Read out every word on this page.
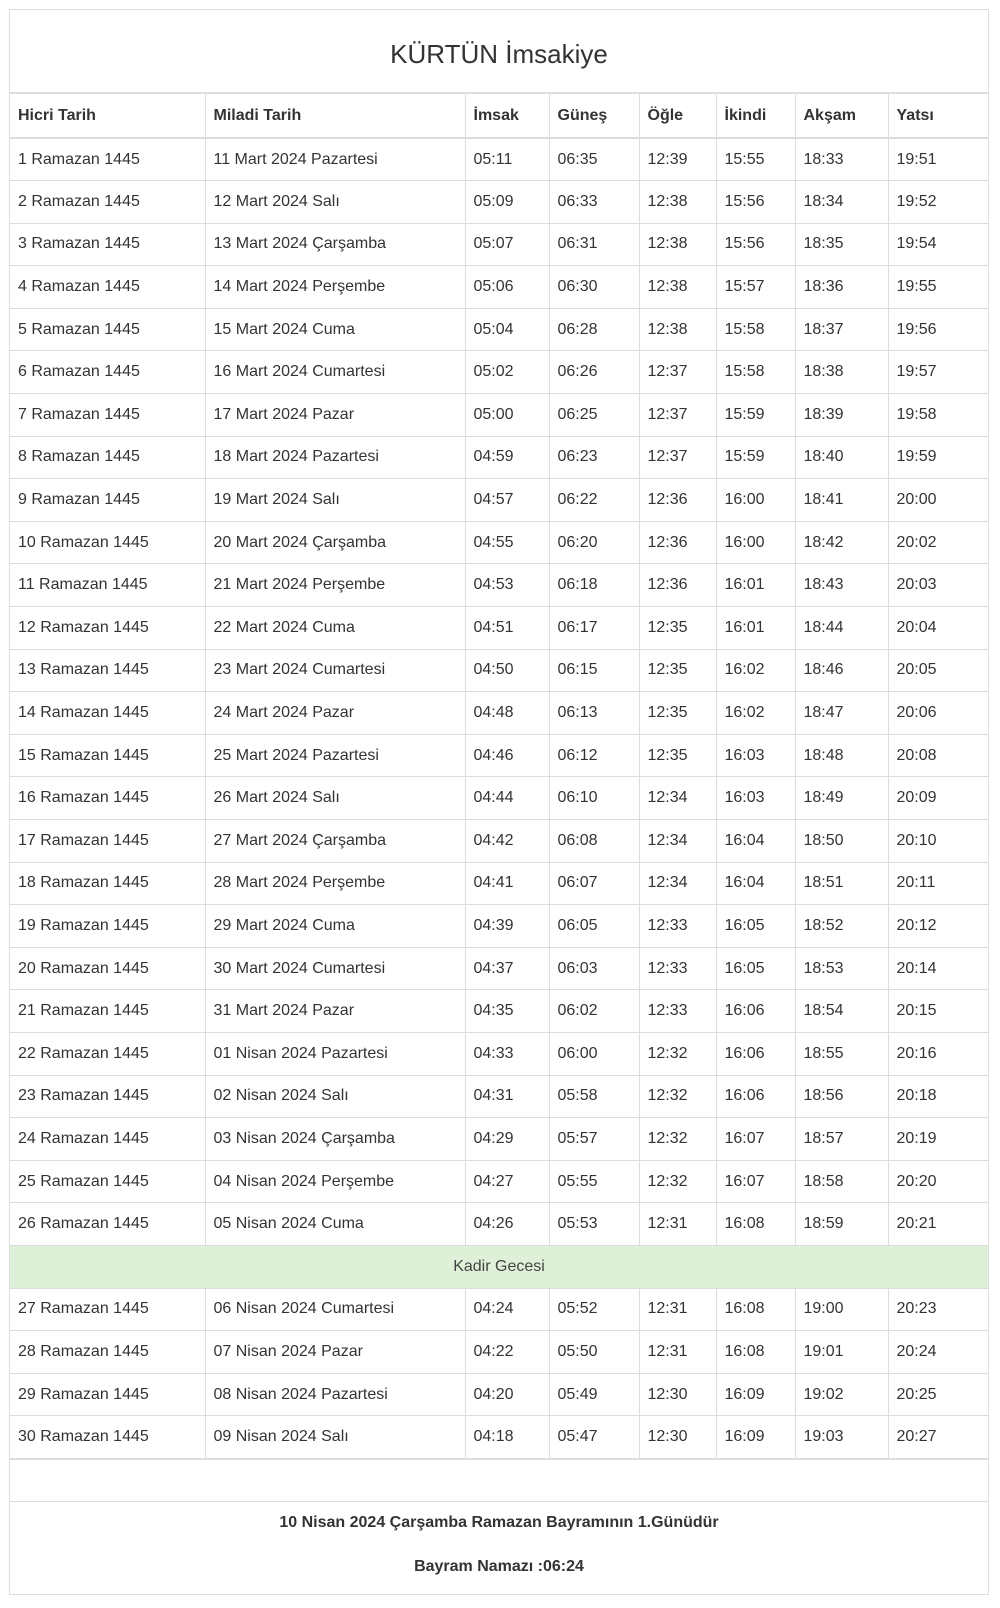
KÜRTÜN İmsakiye
Hicri Tarih	Miladi Tarih	İmsak	Güneş	Öğle	İkindi	Akşam	Yatsı
1 Ramazan 1445	11 Mart 2024 Pazartesi	05:11	06:35	12:39	15:55	18:33	19:51
2 Ramazan 1445	12 Mart 2024 Salı	05:09	06:33	12:38	15:56	18:34	19:52
3 Ramazan 1445	13 Mart 2024 Çarşamba	05:07	06:31	12:38	15:56	18:35	19:54
4 Ramazan 1445	14 Mart 2024 Perşembe	05:06	06:30	12:38	15:57	18:36	19:55
5 Ramazan 1445	15 Mart 2024 Cuma	05:04	06:28	12:38	15:58	18:37	19:56
6 Ramazan 1445	16 Mart 2024 Cumartesi	05:02	06:26	12:37	15:58	18:38	19:57
7 Ramazan 1445	17 Mart 2024 Pazar	05:00	06:25	12:37	15:59	18:39	19:58
8 Ramazan 1445	18 Mart 2024 Pazartesi	04:59	06:23	12:37	15:59	18:40	19:59
9 Ramazan 1445	19 Mart 2024 Salı	04:57	06:22	12:36	16:00	18:41	20:00
10 Ramazan 1445	20 Mart 2024 Çarşamba	04:55	06:20	12:36	16:00	18:42	20:02
11 Ramazan 1445	21 Mart 2024 Perşembe	04:53	06:18	12:36	16:01	18:43	20:03
12 Ramazan 1445	22 Mart 2024 Cuma	04:51	06:17	12:35	16:01	18:44	20:04
13 Ramazan 1445	23 Mart 2024 Cumartesi	04:50	06:15	12:35	16:02	18:46	20:05
14 Ramazan 1445	24 Mart 2024 Pazar	04:48	06:13	12:35	16:02	18:47	20:06
15 Ramazan 1445	25 Mart 2024 Pazartesi	04:46	06:12	12:35	16:03	18:48	20:08
16 Ramazan 1445	26 Mart 2024 Salı	04:44	06:10	12:34	16:03	18:49	20:09
17 Ramazan 1445	27 Mart 2024 Çarşamba	04:42	06:08	12:34	16:04	18:50	20:10
18 Ramazan 1445	28 Mart 2024 Perşembe	04:41	06:07	12:34	16:04	18:51	20:11
19 Ramazan 1445	29 Mart 2024 Cuma	04:39	06:05	12:33	16:05	18:52	20:12
20 Ramazan 1445	30 Mart 2024 Cumartesi	04:37	06:03	12:33	16:05	18:53	20:14
21 Ramazan 1445	31 Mart 2024 Pazar	04:35	06:02	12:33	16:06	18:54	20:15
22 Ramazan 1445	01 Nisan 2024 Pazartesi	04:33	06:00	12:32	16:06	18:55	20:16
23 Ramazan 1445	02 Nisan 2024 Salı	04:31	05:58	12:32	16:06	18:56	20:18
24 Ramazan 1445	03 Nisan 2024 Çarşamba	04:29	05:57	12:32	16:07	18:57	20:19
25 Ramazan 1445	04 Nisan 2024 Perşembe	04:27	05:55	12:32	16:07	18:58	20:20
26 Ramazan 1445	05 Nisan 2024 Cuma	04:26	05:53	12:31	16:08	18:59	20:21
Kadir Gecesi							
27 Ramazan 1445	06 Nisan 2024 Cumartesi	04:24	05:52	12:31	16:08	19:00	20:23
28 Ramazan 1445	07 Nisan 2024 Pazar	04:22	05:50	12:31	16:08	19:01	20:24
29 Ramazan 1445	08 Nisan 2024 Pazartesi	04:20	05:49	12:30	16:09	19:02	20:25
30 Ramazan 1445	09 Nisan 2024 Salı	04:18	05:47	12:30	16:09	19:03	20:27
10 Nisan 2024 Çarşamba Ramazan Bayramının 1.Günüdür
Bayram Namazı :06:24
